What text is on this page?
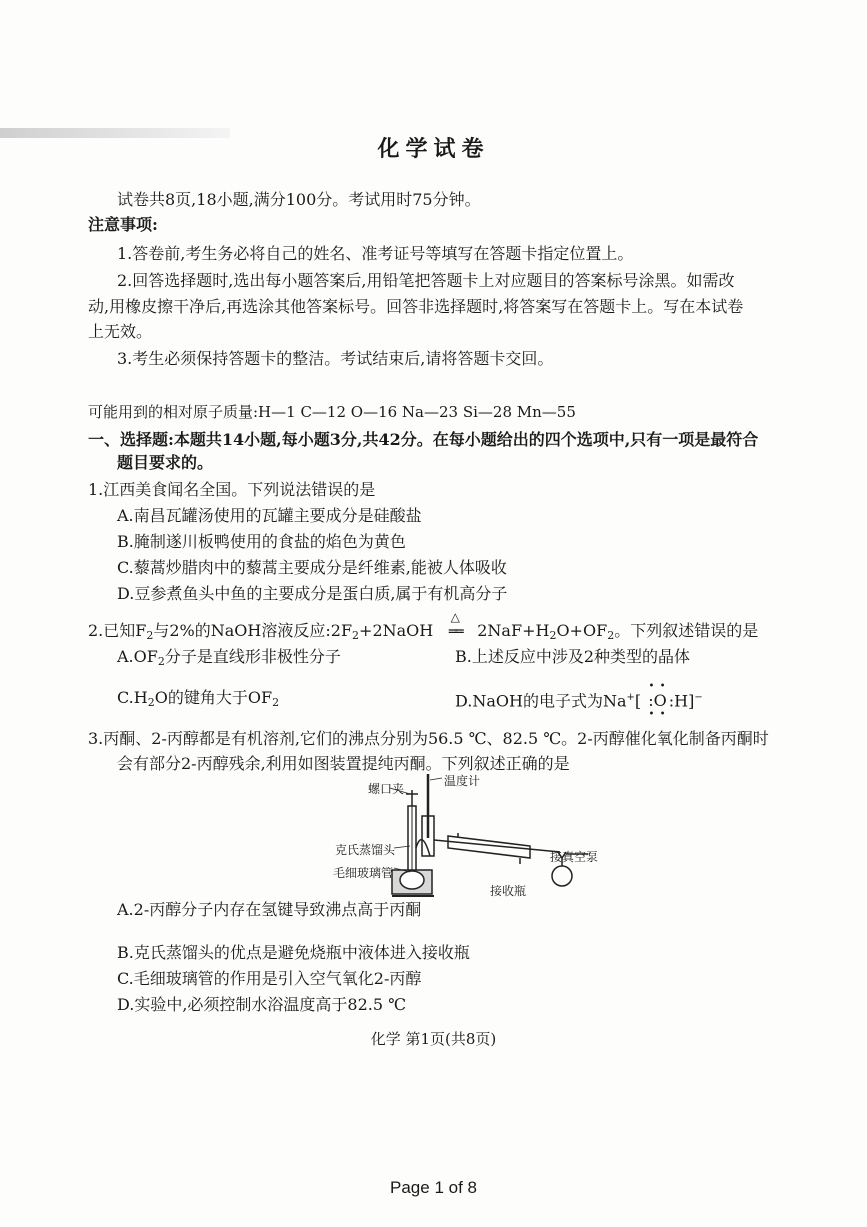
化学试卷
试卷共8页,18小题,满分100分。考试用时75分钟。
注意事项:
1.答卷前,考生务必将自己的姓名、准考证号等填写在答题卡指定位置上。
2.回答选择题时,选出每小题答案后,用铅笔把答题卡上对应题目的答案标号涂黑。如需改
动,用橡皮擦干净后,再选涂其他答案标号。回答非选择题时,将答案写在答题卡上。写在本试卷
上无效。
3.考生必须保持答题卡的整洁。考试结束后,请将答题卡交回。
可能用到的相对原子质量:H—1 C—12 O—16 Na—23 Si—28 Mn—55
一、选择题:本题共14小题,每小题3分,共42分。在每小题给出的四个选项中,只有一项是最符合
题目要求的。
1.江西美食闻名全国。下列说法错误的是
A.南昌瓦罐汤使用的瓦罐主要成分是硅酸盐
B.腌制遂川板鸭使用的食盐的焰色为黄色
C.藜蒿炒腊肉中的藜蒿主要成分是纤维素,能被人体吸收
D.豆参煮鱼头中鱼的主要成分是蛋白质,属于有机高分子
2.已知$F_2$与2%的NaOH溶液反应$:2F_2+2NaOH$
△
══ $2NaF+H_2O+OF_2$。下列叙述错误的是
$A.OF_2$分子是直线形非极性分子	B.上述反应中涉及2种类型的晶体
$C.H_2O$的键角大于$OF_2$	D.NaOH的电子式为Na+[
• •
:O
• •
:H]−
3.丙酮、2-丙醇都是有机溶剂,它们的沸点分别为56.5 ℃、82.5 ℃。2-丙醇催化氧化制备丙酮时
会有部分2-丙醇残余,利用如图装置提纯丙酮。下列叙述正确的是
螺口夹
温度计
克氏蒸馏头
毛细玻璃管
接真空泵
接收瓶
A.2-丙醇分子内存在氢键导致沸点高于丙酮
B.克氏蒸馏头的优点是避免烧瓶中液体进入接收瓶
C.毛细玻璃管的作用是引入空气氧化2-丙醇
D.实验中,必须控制水浴温度高于82.5 ℃
化学 第1页(共8页)
Page 1 of 8
